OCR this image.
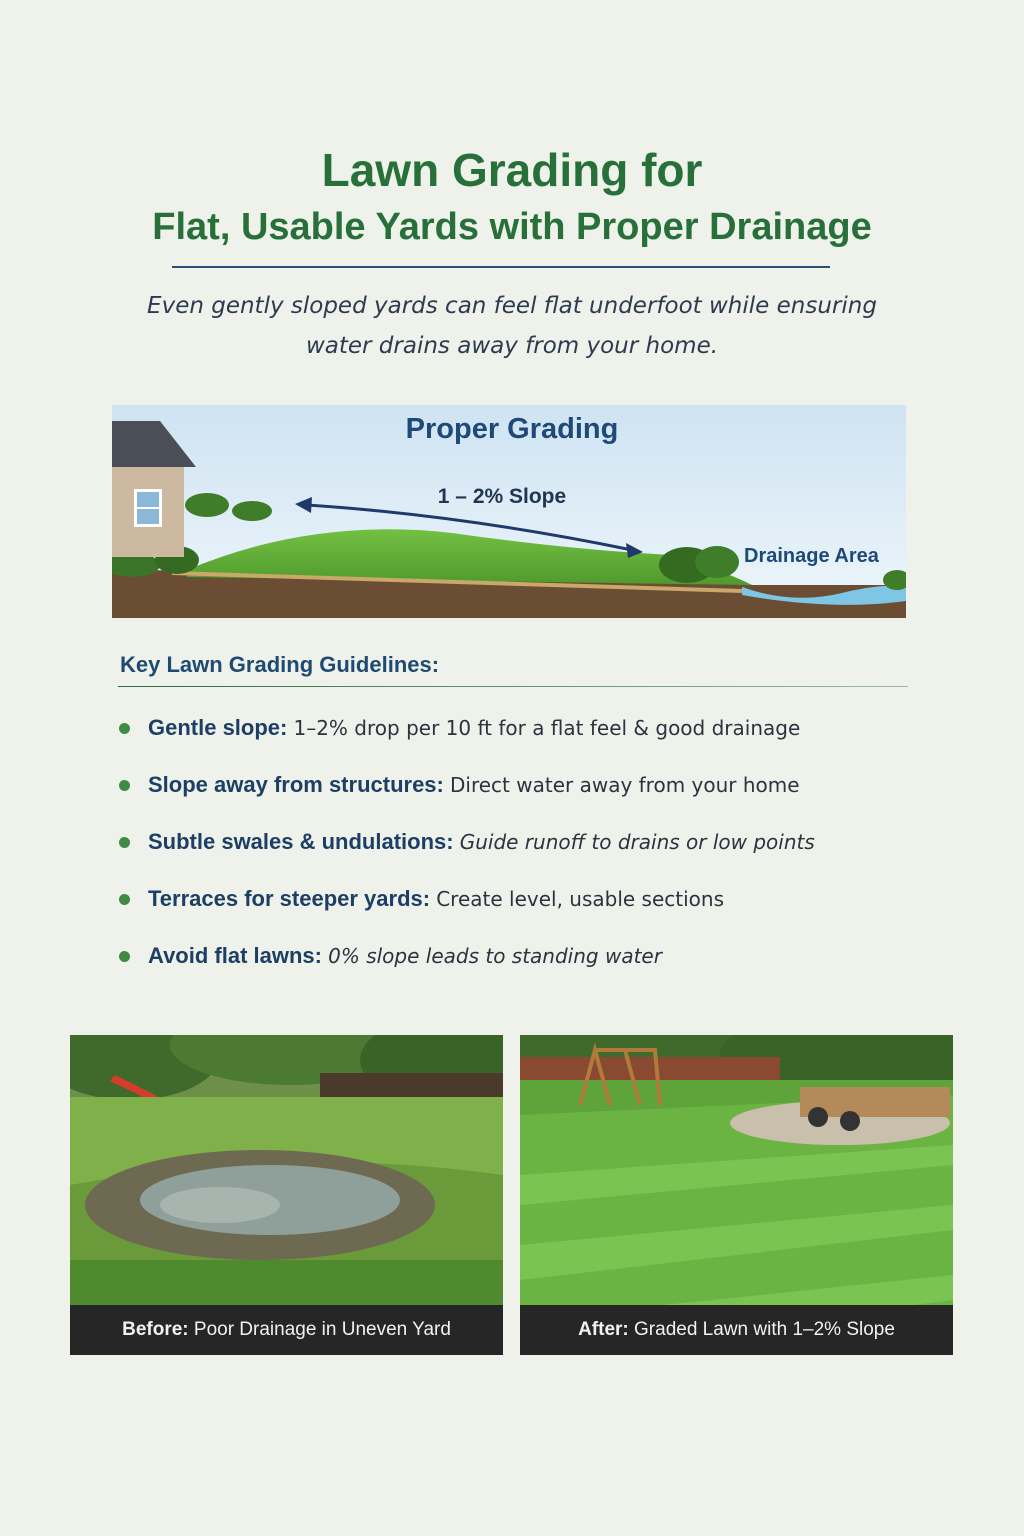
Lawn Grading for
Flat, Usable Yards with Proper Drainage
Even gently sloped yards can feel flat underfoot while ensuring
water drains away from your home.
Proper Grading
1 – 2% Slope
Drainage Area
Key Lawn Grading Guidelines:
Gentle slope: 1–2% drop per 10 ft for a flat feel & good drainage
Slope away from structures: Direct water away from your home
Subtle swales & undulations: Guide runoff to drains or low points
Terraces for steeper yards: Create level, usable sections
Avoid flat lawns: 0% slope leads to standing water
Before: Poor Drainage in Uneven Yard	After: Graded Lawn with 1–2% Slope
